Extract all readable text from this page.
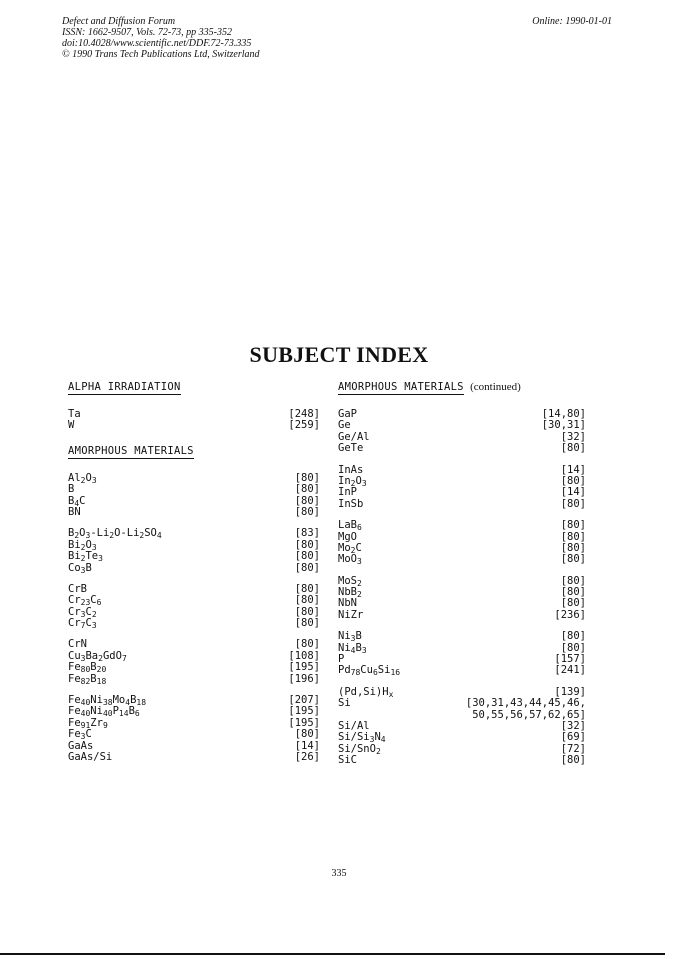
Defect and Diffusion Forum
ISSN: 1662-9507, Vols. 72-73, pp 335-352
doi:10.4028/www.scientific.net/DDF.72-73.335
© 1990 Trans Tech Publications Ltd, Switzerland
Online: 1990-01-01
SUBJECT INDEX
ALPHA IRRADIATION
Ta	[248]
W	[259]
AMORPHOUS MATERIALS
$Al_2O_3$	[80]
B	[80]
$B_4C$	[80]
BN	[80]
$B_2O_3-Li_2O-Li_2SO_4$	[83]
$Bi_2O_3$	[80]
$Bi_2Te_3$	[80]
$Co_3B$	[80]
CrB	[80]
$Cr_{23}C_6$	[80]
$Cr_3C_2$	[80]
$Cr_7C_3$	[80]
CrN	[80]
$Cu_3Ba_2GdO_7$	[108]
$Fe_{80}B_{20}$	[195]
$Fe_{82}B_{18}$	[196]
$Fe_{40}Ni_{38}Mo_4B_{18}$	[207]
$Fe_{40}Ni_{40}P_{14}B_6$	[195]
$Fe_{91}Zr_9$	[195]
$Fe_3C$	[80]
GaAs	[14]
GaAs/Si	[26]
AMORPHOUS MATERIALS (continued)
GaP	[14,80]
Ge	[30,31]
Ge/Al	[32]
GeTe	[80]
InAs	[14]
$In_2O_3$	[80]
InP	[14]
InSb	[80]
LaB$_6$	[80]
MgO	[80]
$Mo_2C$	[80]
MoO$_3$	[80]
MoS$_2$	[80]
NbB$_2$	[80]
NbN	[80]
NiZr	[236]
$Ni_3B$	[80]
$Ni_4B_3$	[80]
P	[157]
$Pd_{78}Cu_6Si_{16}$	[241]
$(Pd,Si)H_x$	[139]
Si	[30,31,43,44,45,46,
50,55,56,57,62,65]
Si/Al	[32]
$Si/Si_3N_4$	[69]
Si/SnO$_2$	[72]
SiC	[80]
335
